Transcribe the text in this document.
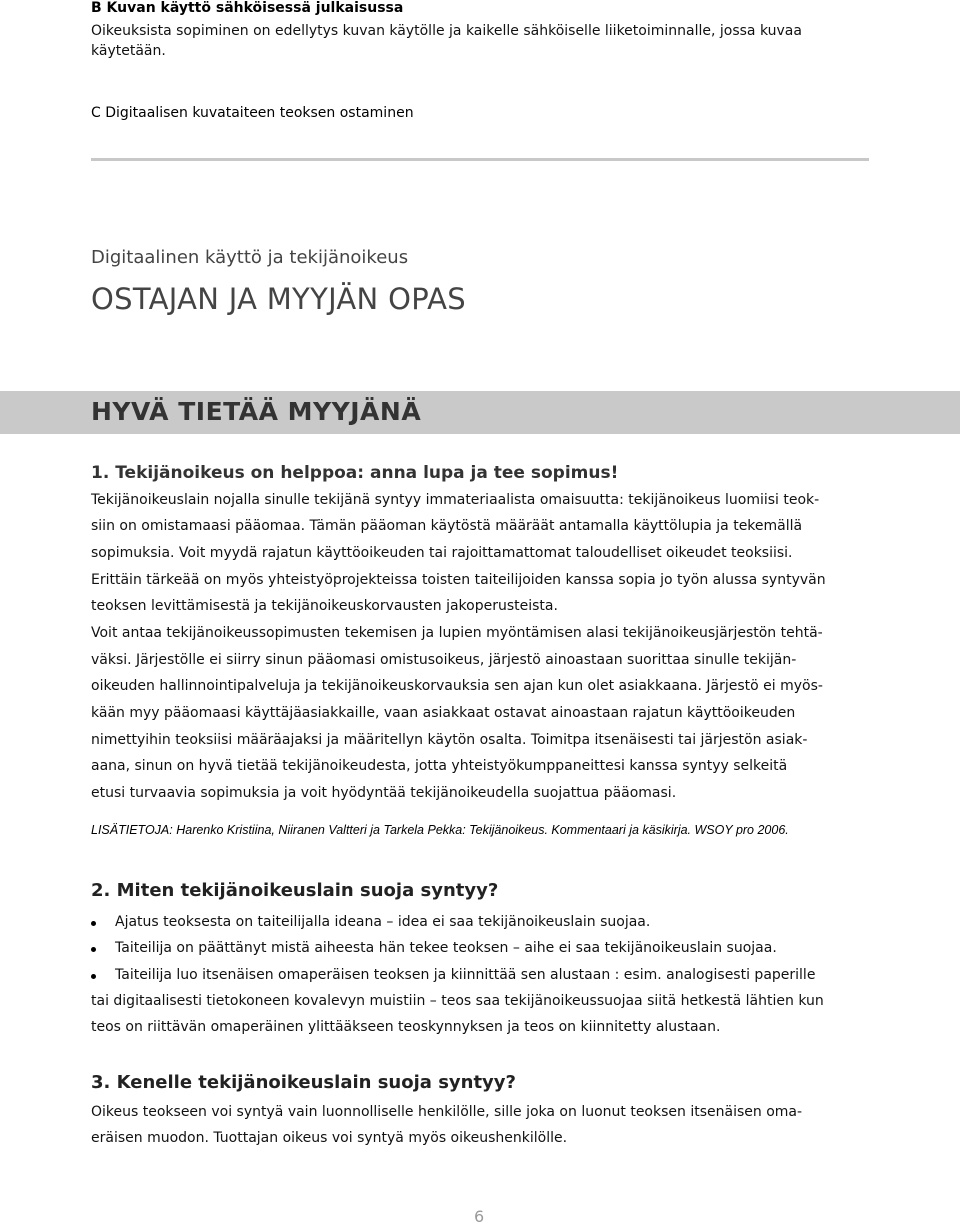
B Kuvan käyttö sähköisessä julkaisussa
Oikeuksista sopiminen on edellytys kuvan käytölle ja kaikelle sähköiselle liiketoiminnalle, jossa kuvaa
käytetään.
C Digitaalisen kuvataiteen teoksen ostaminen
Digitaalinen käyttö ja tekijänoikeus
OSTAJAN JA MYYJÄN OPAS
HYVÄ TIETÄÄ MYYJÄNÄ
1. Tekijänoikeus on helppoa: anna lupa ja tee sopimus!
Tekijänoikeuslain nojalla sinulle tekijänä syntyy immateriaalista omaisuutta: tekijänoikeus luomiisi teok-
siin on omistamaasi pääomaa. Tämän pääoman käytöstä määräät antamalla käyttölupia ja tekemällä
sopimuksia. Voit myydä rajatun käyttöoikeuden tai rajoittamattomat taloudelliset oikeudet teoksiisi.
Erittäin tärkeää on myös yhteistyöprojekteissa toisten taiteilijoiden kanssa sopia jo työn alussa syntyvän
teoksen levittämisestä ja tekijänoikeuskorvausten jakoperusteista.
Voit antaa tekijänoikeussopimusten tekemisen ja lupien myöntämisen alasi tekijänoikeusjärjestön tehtä-
väksi. Järjestölle ei siirry sinun pääomasi omistusoikeus, järjestö ainoastaan suorittaa sinulle tekijän-
oikeuden hallinnointipalveluja ja tekijänoikeuskorvauksia sen ajan kun olet asiakkaana. Järjestö ei myös-
kään myy pääomaasi käyttäjäasiakkaille, vaan asiakkaat ostavat ainoastaan rajatun käyttöoikeuden
nimettyihin teoksiisi määräajaksi ja määritellyn käytön osalta. Toimitpa itsenäisesti tai järjestön asiak-
aana, sinun on hyvä tietää tekijänoikeudesta, jotta yhteistyökumppaneittesi kanssa syntyy selkeitä
etusi turvaavia sopimuksia ja voit hyödyntää tekijänoikeudella suojattua pääomasi.
LISÄTIETOJA: Harenko Kristiina, Niiranen Valtteri ja Tarkela Pekka: Tekijänoikeus. Kommentaari ja käsikirja. WSOY pro 2006.
2. Miten tekijänoikeuslain suoja syntyy?
Ajatus teoksesta on taiteilijalla ideana – idea ei saa tekijänoikeuslain suojaa.
Taiteilija on päättänyt mistä aiheesta hän tekee teoksen – aihe ei saa tekijänoikeuslain suojaa.
Taiteilija luo itsenäisen omaperäisen teoksen ja kiinnittää sen alustaan : esim. analogisesti paperille
tai digitaalisesti tietokoneen kovalevyn muistiin – teos saa tekijänoikeussuojaa siitä hetkestä lähtien kun
teos on riittävän omaperäinen ylittääkseen teoskynnyksen ja teos on kiinnitetty alustaan.
3. Kenelle tekijänoikeuslain suoja syntyy?
Oikeus teokseen voi syntyä vain luonnolliselle henkilölle, sille joka on luonut teoksen itsenäisen oma-
eräisen muodon. Tuottajan oikeus voi syntyä myös oikeushenkilölle.
6
